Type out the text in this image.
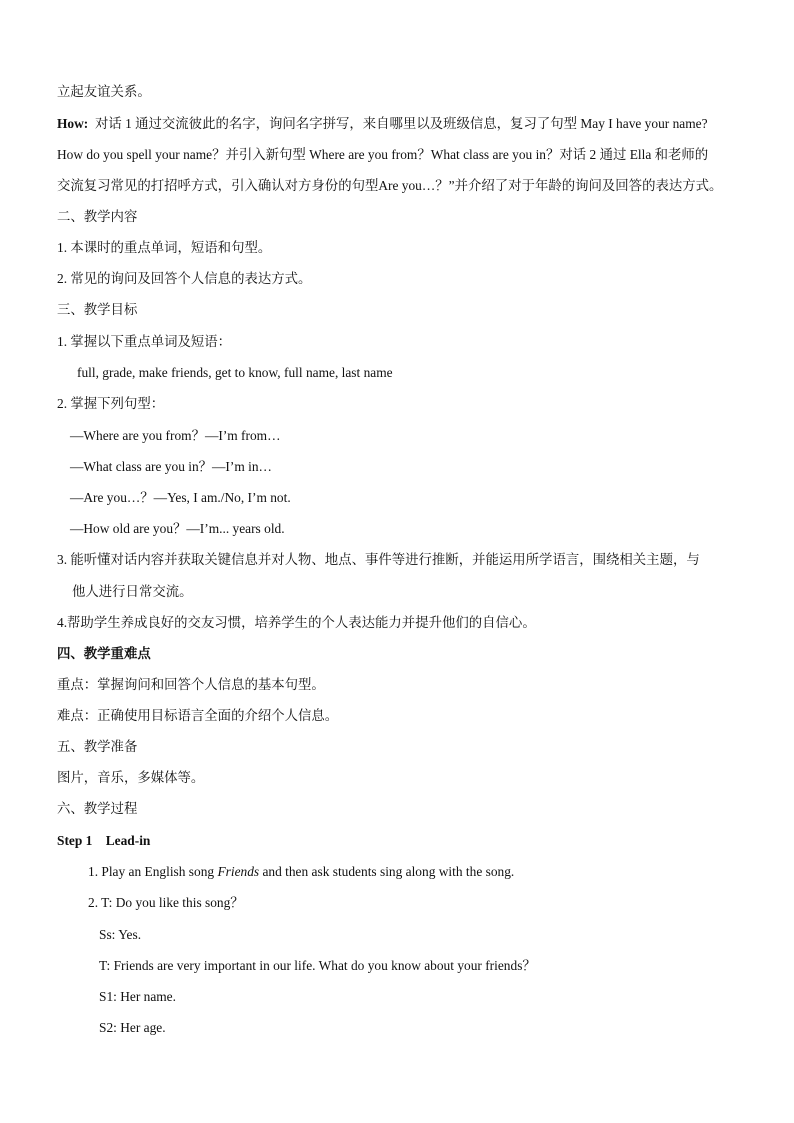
立起友谊关系。
How: 对话 1 通过交流彼此的名字，询问名字拼写，来自哪里以及班级信息，复习了句型 May I have your name?
How do you spell your name？并引入新句型 Where are you from？What class are you in？对话 2 通过 Ella 和老师的
交流复习常见的打招呼方式，引入确认对方身份的句型Are you…？”并介绍了对于年龄的询问及回答的表达方式。
二、教学内容
1. 本课时的重点单词，短语和句型。
2. 常见的询问及回答个人信息的表达方式。
三、教学目标
1. 掌握以下重点单词及短语：
full, grade, make friends, get to know, full name, last name
2. 掌握下列句型：
—Where are you from？—I’m from…
—What class are you in？—I’m in…
—Are you…？—Yes, I am./No, I’m not.
—How old are you？—I’m... years old.
3. 能听懂对话内容并获取关键信息并对人物、地点、事件等进行推断，并能运用所学语言，围绕相关主题，与
他人进行日常交流。
4.帮助学生养成良好的交友习惯，培养学生的个人表达能力并提升他们的自信心。
四、教学重难点
重点：掌握询问和回答个人信息的基本句型。
难点：正确使用目标语言全面的介绍个人信息。
五、教学准备
图片，音乐，多媒体等。
六、教学过程
Step 1　Lead-in
1. Play an English song Friends and then ask students sing along with the song.
2. T: Do you like this song？
Ss: Yes.
T: Friends are very important in our life. What do you know about your friends？
S1: Her name.
S2: Her age.
